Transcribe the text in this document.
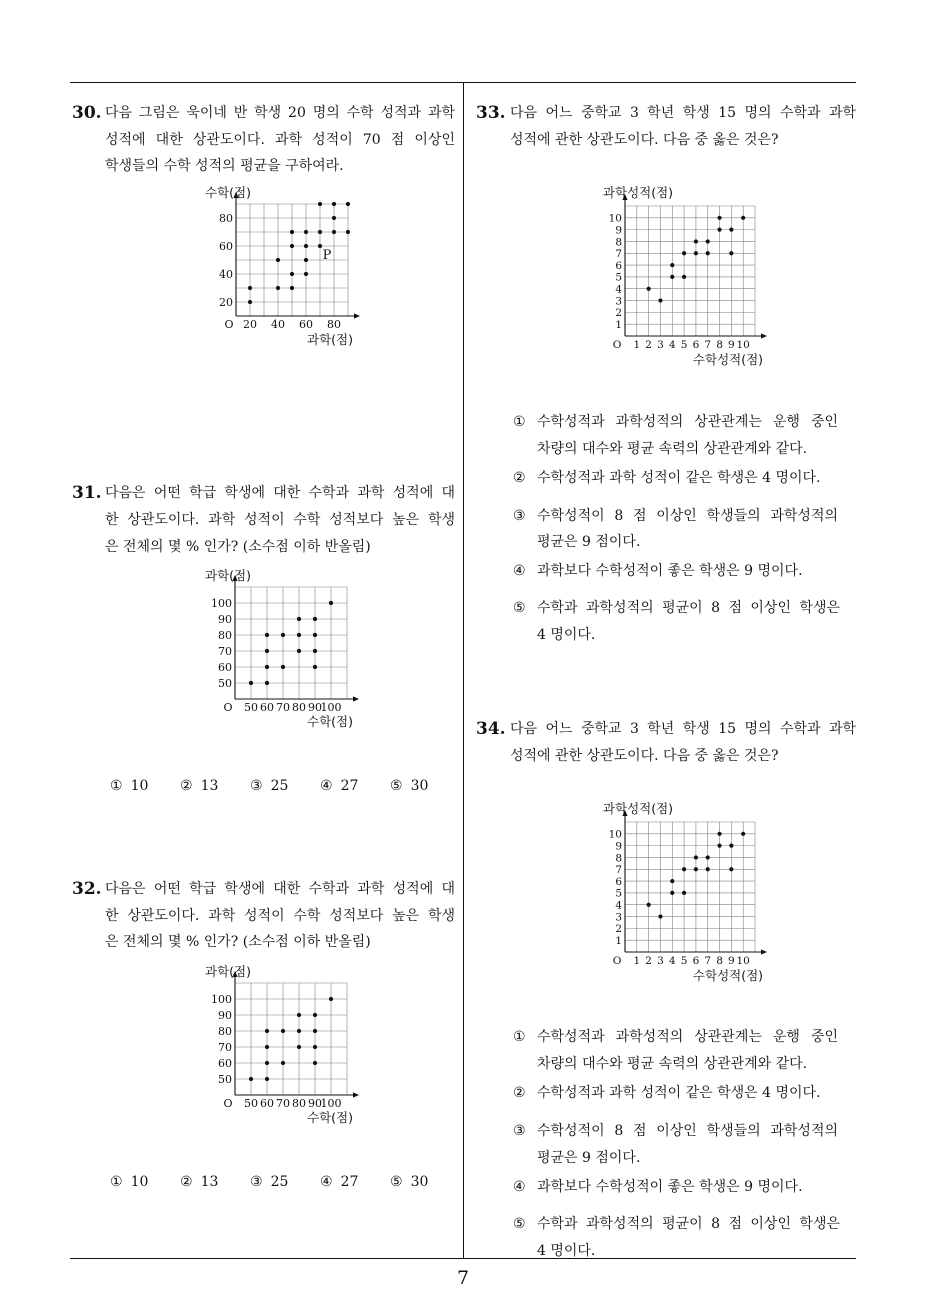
30. 다음 그림은 욱이네 반 학생 20 명의 수학 성적과 과학
성적에 대한 상관도이다. 과학 성적이 70 점 이상인
학생들의 수학 성적의 평균을 구하여라.
20
40
60
80
20 40 60 80
O
수학(점)
과학(점)
P
31. 다음은 어떤 학급 학생에 대한 수학과 과학 성적에 대
한 상관도이다. 과학 성적이 수학 성적보다 높은 학생
은 전체의 몇 % 인가? (소수점 이하 반올림)
50
60
70
80
90
100
50 60 70 80 90
100
O
과학(점)
수학(점)
① 10 ② 13 ③ 25 ④ 27 ⑤ 30
32. 다음은 어떤 학급 학생에 대한 수학과 과학 성적에 대
한 상관도이다. 과학 성적이 수학 성적보다 높은 학생
은 전체의 몇 % 인가? (소수점 이하 반올림)
50
60
70
80
90
100
50 60 70 80 90
100
O
과학(점)
수학(점)
① 10 ② 13 ③ 25 ④ 27 ⑤ 30
33. 다음 어느 중학교 3 학년 학생 15 명의 수학과 과학
성적에 관한 상관도이다. 다음 중 옳은 것은?
1
2
3
4
5
6
7
8
9
10
1 2 3 4 5 6 7 8 9 10
O
과학성적(점)
수학성적(점)
① 수학성적과 과학성적의 상관관계는 운행 중인
차량의 대수와 평균 속력의 상관관계와 같다.
② 수학성적과 과학 성적이 같은 학생은 4 명이다.
③ 수학성적이 8 점 이상인 학생들의 과학성적의
평균은 9 점이다.
④ 과학보다 수학성적이 좋은 학생은 9 명이다.
⑤ 수학과 과학성적의 평균이 8 점 이상인 학생은
4 명이다.
34. 다음 어느 중학교 3 학년 학생 15 명의 수학과 과학
성적에 관한 상관도이다. 다음 중 옳은 것은?
1
2
3
4
5
6
7
8
9
10
1 2 3 4 5 6 7 8 9 10
O
과학성적(점)
수학성적(점)
① 수학성적과 과학성적의 상관관계는 운행 중인
차량의 대수와 평균 속력의 상관관계와 같다.
② 수학성적과 과학 성적이 같은 학생은 4 명이다.
③ 수학성적이 8 점 이상인 학생들의 과학성적의
평균은 9 점이다.
④ 과학보다 수학성적이 좋은 학생은 9 명이다.
⑤ 수학과 과학성적의 평균이 8 점 이상인 학생은
4 명이다.
7
